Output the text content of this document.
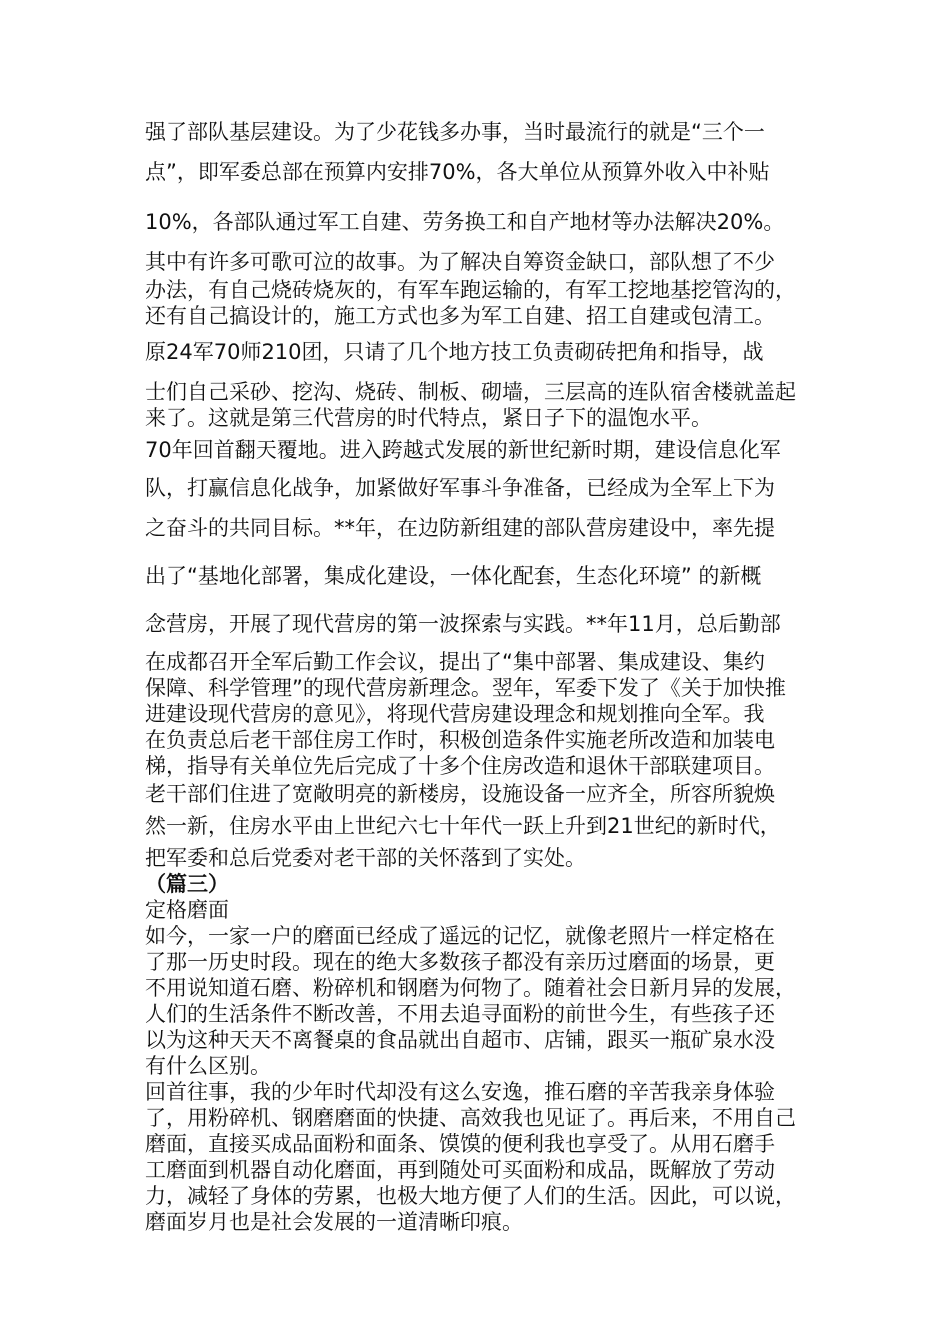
强了部队基层建设。为了少花钱多办事，当时最流行的就是“三个一
点”，即军委总部在预算内安排70%，各大单位从预算外收入中补贴
10%，各部队通过军工自建、劳务换工和自产地材等办法解决20%。
其中有许多可歌可泣的故事。为了解决自筹资金缺口，部队想了不少
办法，有自己烧砖烧灰的，有军车跑运输的，有军工挖地基挖管沟的，
还有自己搞设计的，施工方式也多为军工自建、招工自建或包清工。
原24军70师210团，只请了几个地方技工负责砌砖把角和指导，战
士们自己采砂、挖沟、烧砖、制板、砌墙，三层高的连队宿舍楼就盖起
来了。这就是第三代营房的时代特点，紧日子下的温饱水平。
70年回首翻天覆地。进入跨越式发展的新世纪新时期，建设信息化军
队，打赢信息化战争，加紧做好军事斗争准备，已经成为全军上下为
之奋斗的共同目标。**年，在边防新组建的部队营房建设中，率先提
出了“基地化部署，集成化建设，一体化配套，生态化环境” 的新概
念营房，开展了现代营房的第一波探索与实践。**年11月，总后勤部
在成都召开全军后勤工作会议，提出了“集中部署、集成建设、集约
保障、科学管理”的现代营房新理念。翌年，军委下发了《关于加快推
进建设现代营房的意见》，将现代营房建设理念和规划推向全军。我
在负责总后老干部住房工作时，积极创造条件实施老所改造和加装电
梯，指导有关单位先后完成了十多个住房改造和退休干部联建项目。
老干部们住进了宽敞明亮的新楼房，设施设备一应齐全，所容所貌焕
然一新，住房水平由上世纪六七十年代一跃上升到21世纪的新时代，
把军委和总后党委对老干部的关怀落到了实处。
（篇三）
定格磨面
如今，一家一户的磨面已经成了遥远的记忆，就像老照片一样定格在
了那一历史时段。现在的绝大多数孩子都没有亲历过磨面的场景，更
不用说知道石磨、粉碎机和钢磨为何物了。随着社会日新月异的发展，
人们的生活条件不断改善，不用去追寻面粉的前世今生，有些孩子还
以为这种天天不离餐桌的食品就出自超市、店铺，跟买一瓶矿泉水没
有什么区别。
回首往事，我的少年时代却没有这么安逸，推石磨的辛苦我亲身体验
了，用粉碎机、钢磨磨面的快捷、高效我也见证了。再后来，不用自己
磨面，直接买成品面粉和面条、馍馍的便利我也享受了。从用石磨手
工磨面到机器自动化磨面，再到随处可买面粉和成品，既解放了劳动
力，减轻了身体的劳累，也极大地方便了人们的生活。因此，可以说，
磨面岁月也是社会发展的一道清晰印痕。
